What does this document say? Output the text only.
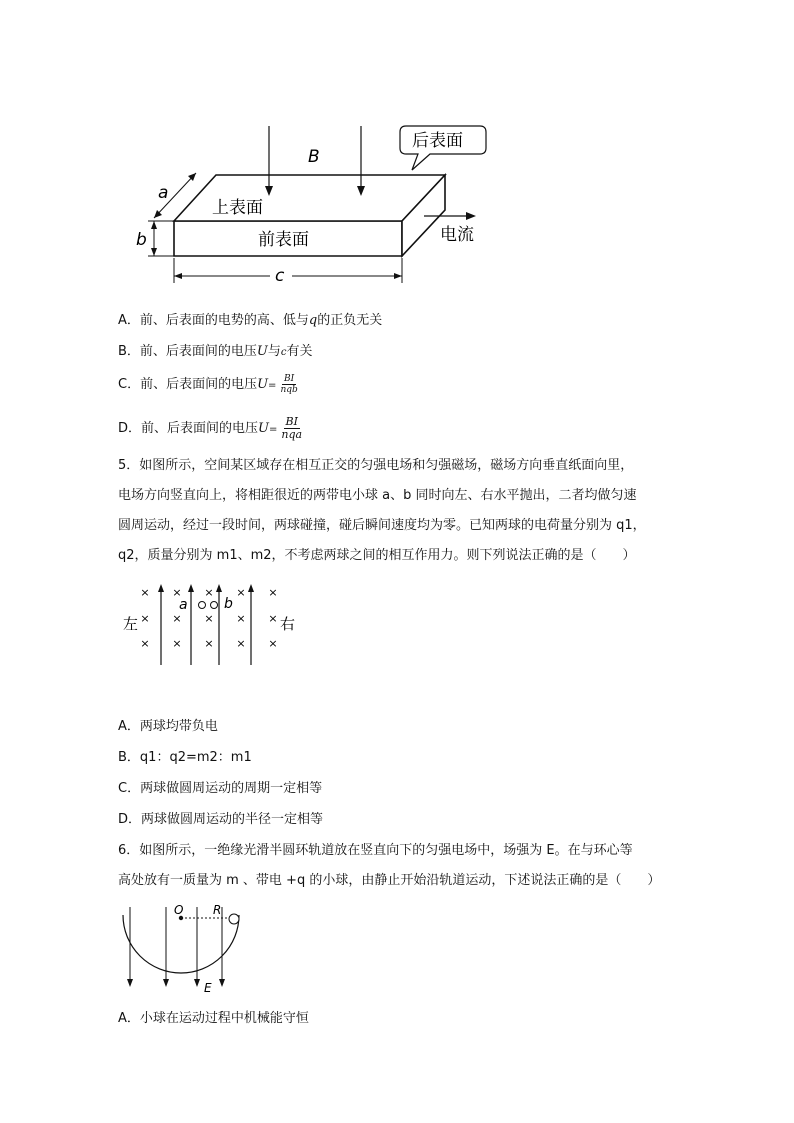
B
a
b
c
上表面
前表面
后表面
电流
A．前、后表面的电势的高、低与q的正负无关
B．前、后表面间的电压U与c有关
C．前、后表面间的电压$U= \frac{BI}{\text{nqb}}$
D．前、后表面间的电压$U= \frac{BI}{\text{nqa}}$
5．如图所示，空间某区域存在相互正交的匀强电场和匀强磁场，磁场方向垂直纸面向里，
电场方向竖直向上，将相距很近的两带电小球 a、b 同时向左、右水平抛出，二者均做匀速
圆周运动，经过一段时间，两球碰撞，碰后瞬间速度均为零。已知两球的电荷量分别为 q1，
q2，质量分别为 m1、m2，不考虑两球之间的相互作用力。则下列说法正确的是（　　）
×
×
×
×
×
×
×
×
×
×
×
×
×
×
×
a	b
左	右
A．两球均带负电
B．q1：q2=m2：m1
C．两球做圆周运动的周期一定相等
D．两球做圆周运动的半径一定相等
6．如图所示，一绝缘光滑半圆环轨道放在竖直向下的匀强电场中，场强为 E。在与环心等
高处放有一质量为 m 、带电 +q 的小球，由静止开始沿轨道运动，下述说法正确的是（　　）
O R
E
A．小球在运动过程中机械能守恒
